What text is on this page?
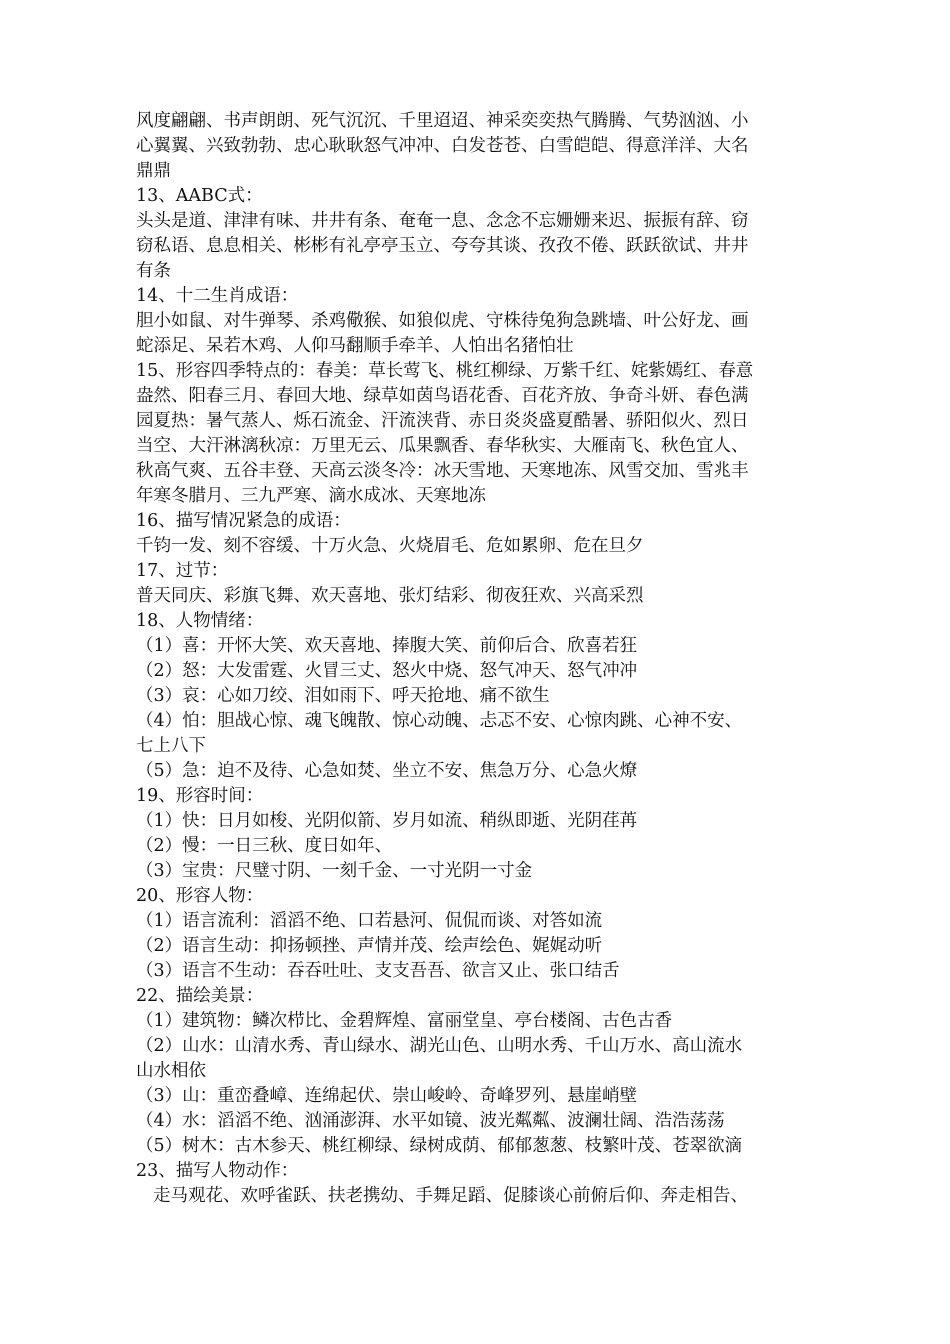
风度翩翩、书声朗朗、死气沉沉、千里迢迢、神采奕奕热气腾腾、气势汹汹、小
心翼翼、兴致勃勃、忠心耿耿怒气冲冲、白发苍苍、白雪皑皑、得意洋洋、大名
鼎鼎
13、AABC式：
头头是道、津津有味、井井有条、奄奄一息、念念不忘姗姗来迟、振振有辞、窃
窃私语、息息相关、彬彬有礼亭亭玉立、夸夸其谈、孜孜不倦、跃跃欲试、井井
有条
14、十二生肖成语：
胆小如鼠、对牛弹琴、杀鸡儆猴、如狼似虎、守株待兔狗急跳墙、叶公好龙、画
蛇添足、呆若木鸡、人仰马翻顺手牵羊、人怕出名猪怕壮
15、形容四季特点的：春美：草长莺飞、桃红柳绿、万紫千红、姹紫嫣红、春意
盎然、阳春三月、春回大地、绿草如茵鸟语花香、百花齐放、争奇斗妍、春色满
园夏热：暑气蒸人、烁石流金、汗流浃背、赤日炎炎盛夏酷暑、骄阳似火、烈日
当空、大汗淋漓秋凉：万里无云、瓜果飘香、春华秋实、大雁南飞、秋色宜人、
秋高气爽、五谷丰登、天高云淡冬冷：冰天雪地、天寒地冻、风雪交加、雪兆丰
年寒冬腊月、三九严寒、滴水成冰、天寒地冻
16、描写情况紧急的成语：
千钧一发、刻不容缓、十万火急、火烧眉毛、危如累卵、危在旦夕
17、过节：
普天同庆、彩旗飞舞、欢天喜地、张灯结彩、彻夜狂欢、兴高采烈
18、人物情绪：
（1）喜：开怀大笑、欢天喜地、捧腹大笑、前仰后合、欣喜若狂
（2）怒：大发雷霆、火冒三丈、怒火中烧、怒气冲天、怒气冲冲
（3）哀：心如刀绞、泪如雨下、呼天抢地、痛不欲生
（4）怕：胆战心惊、魂飞魄散、惊心动魄、忐忑不安、心惊肉跳、心神不安、
七上八下
（5）急：迫不及待、心急如焚、坐立不安、焦急万分、心急火燎
19、形容时间：
（1）快：日月如梭、光阴似箭、岁月如流、稍纵即逝、光阴荏苒
（2）慢：一日三秋、度日如年、
（3）宝贵：尺璧寸阴、一刻千金、一寸光阴一寸金
20、形容人物：
（1）语言流利：滔滔不绝、口若悬河、侃侃而谈、对答如流
（2）语言生动：抑扬顿挫、声情并茂、绘声绘色、娓娓动听
（3）语言不生动：吞吞吐吐、支支吾吾、欲言又止、张口结舌
22、描绘美景：
（1）建筑物：鳞次栉比、金碧辉煌、富丽堂皇、亭台楼阁、古色古香
（2）山水：山清水秀、青山绿水、湖光山色、山明水秀、千山万水、高山流水
山水相依
（3）山：重峦叠嶂、连绵起伏、崇山峻岭、奇峰罗列、悬崖峭壁
（4）水：滔滔不绝、汹涌澎湃、水平如镜、波光粼粼、波澜壮阔、浩浩荡荡
（5）树木：古木参天、桃红柳绿、绿树成荫、郁郁葱葱、枝繁叶茂、苍翠欲滴
23、描写人物动作：
走马观花、欢呼雀跃、扶老携幼、手舞足蹈、促膝谈心前俯后仰、奔走相告、
